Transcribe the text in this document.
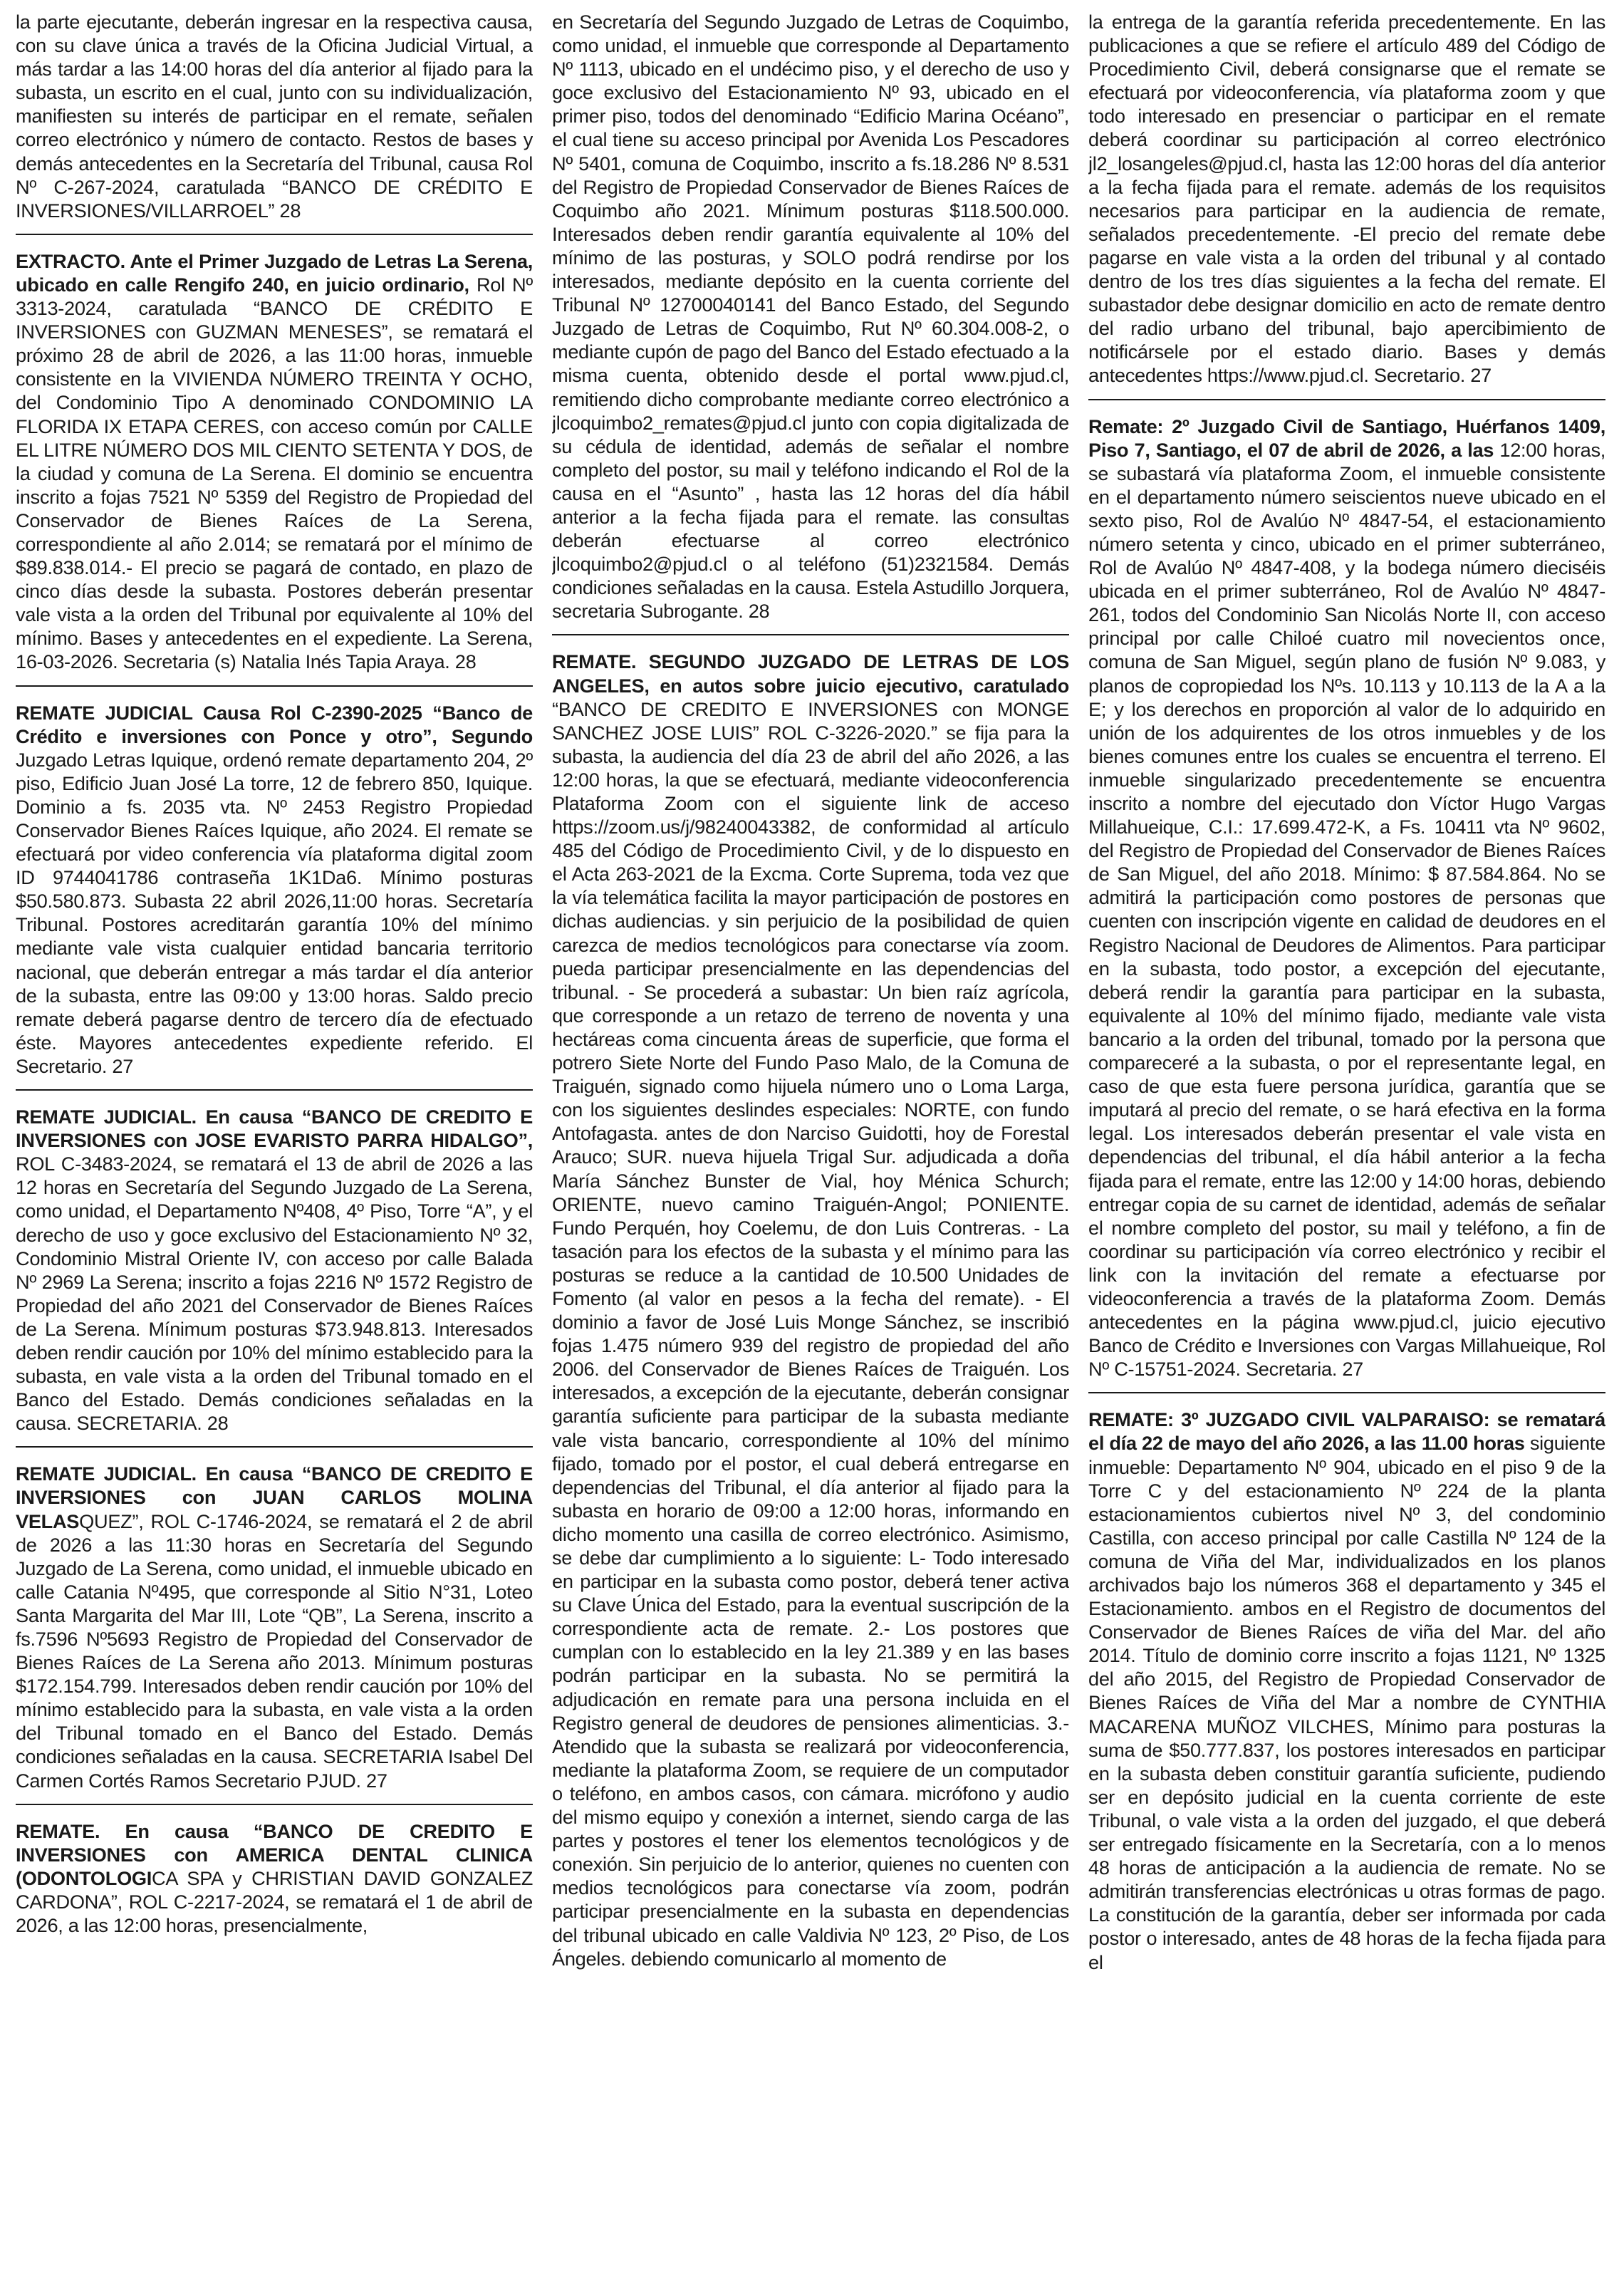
la parte ejecutante, deberán ingresar en la respectiva causa, con su clave única a través de la Oficina Judicial Virtual, a más tardar a las 14:00 horas del día anterior al fijado para la subasta, un escrito en el cual, junto con su individualización, manifiesten su interés de participar en el remate, señalen correo electrónico y número de contacto. Restos de bases y demás antecedentes en la Secretaría del Tribunal, causa Rol Nº C-267-2024, caratulada “BANCO DE CRÉDITO E INVERSIONES/VILLARROEL” 28

EXTRACTO. Ante el Primer Juzgado de Letras La Serena, ubicado en calle Rengifo 240, en juicio ordinario, Rol Nº 3313-2024, caratulada “BANCO DE CRÉDITO E INVERSIONES con GUZMAN MENESES”, se rematará el próximo 28 de abril de 2026, a las 11:00 horas, inmueble consistente en la VIVIENDA NÚMERO TREINTA Y OCHO, del Condominio Tipo A denominado CONDOMINIO LA FLORIDA IX ETAPA CERES, con acceso común por CALLE EL LITRE NÚMERO DOS MIL CIENTO SETENTA Y DOS, de la ciudad y comuna de La Serena. El dominio se encuentra inscrito a fojas 7521 Nº 5359 del Registro de Propiedad del Conservador de Bienes Raíces de La Serena, correspondiente al año 2.014; se rematará por el mínimo de $89.838.014.- El precio se pagará de contado, en plazo de cinco días desde la subasta. Postores deberán presentar vale vista a la orden del Tribunal por equivalente al 10% del mínimo. Bases y antecedentes en el expediente. La Serena, 16-03-2026. Secretaria (s) Natalia Inés Tapia Araya. 28

REMATE JUDICIAL Causa Rol C-2390-2025 “Banco de Crédito e inversiones con Ponce y otro”, Segundo Juzgado Letras Iquique, ordenó remate departamento 204, 2º piso, Edificio Juan José La torre, 12 de febrero 850, Iquique. Dominio a fs. 2035 vta. Nº 2453 Registro Propiedad Conservador Bienes Raíces Iquique, año 2024. El remate se efectuará por video conferencia vía plataforma digital zoom ID 9744041786 contraseña 1K1Da6. Mínimo posturas $50.580.873. Subasta 22 abril 2026,11:00 horas. Secretaría Tribunal. Postores acreditarán garantía 10% del mínimo mediante vale vista cualquier entidad bancaria territorio nacional, que deberán entregar a más tardar el día anterior de la subasta, entre las 09:00 y 13:00 horas. Saldo precio remate deberá pagarse dentro de tercero día de efectuado éste. Mayores antecedentes expediente referido. El Secretario. 27

REMATE JUDICIAL. En causa “BANCO DE CREDITO E INVERSIONES con JOSE EVARISTO PARRA HIDALGO”, ROL C-3483-2024, se rematará el 13 de abril de 2026 a las 12 horas en Secretaría del Segundo Juzgado de La Serena, como unidad, el Departamento Nº408, 4º Piso, Torre “A”, y el derecho de uso y goce exclusivo del Estacionamiento Nº 32, Condominio Mistral Oriente IV, con acceso por calle Balada Nº 2969 La Serena; inscrito a fojas 2216 Nº 1572 Registro de Propiedad del año 2021 del Conservador de Bienes Raíces de La Serena. Mínimum posturas $73.948.813. Interesados deben rendir caución por 10% del mínimo establecido para la subasta, en vale vista a la orden del Tribunal tomado en el Banco del Estado. Demás condiciones señaladas en la causa. SECRETARIA. 28

REMATE JUDICIAL. En causa “BANCO DE CREDITO E INVERSIONES con JUAN CARLOS MOLINA VELASQUEZ”, ROL C-1746-2024, se rematará el 2 de abril de 2026 a las 11:30 horas en Secretaría del Segundo Juzgado de La Serena, como unidad, el inmueble ubicado en calle Catania Nº495, que corresponde al Sitio N°31, Loteo Santa Margarita del Mar III, Lote “QB”, La Serena, inscrito a fs.7596 Nº5693 Registro de Propiedad del Conservador de Bienes Raíces de La Serena año 2013. Mínimum posturas $172.154.799. Interesados deben rendir caución por 10% del mínimo establecido para la subasta, en vale vista a la orden del Tribunal tomado en el Banco del Estado. Demás condiciones señaladas en la causa. SECRETARIA Isabel Del Carmen Cortés Ramos Secretario PJUD. 27

REMATE. En causa “BANCO DE CREDITO E INVERSIONES con AMERICA DENTAL CLINICA (ODONTOLOGICA SPA y CHRISTIAN DAVID GONZALEZ CARDONA”, ROL C-2217-2024, se rematará el 1 de abril de 2026, a las 12:00 horas, presencialmente,

en Secretaría del Segundo Juzgado de Letras de Coquimbo, como unidad, el inmueble que corresponde al Departamento Nº 1113, ubicado en el undécimo piso, y el derecho de uso y goce exclusivo del Estacionamiento Nº 93, ubicado en el primer piso, todos del denominado “Edificio Marina Océano”, el cual tiene su acceso principal por Avenida Los Pescadores Nº 5401, comuna de Coquimbo, inscrito a fs.18.286 Nº 8.531 del Registro de Propiedad Conservador de Bienes Raíces de Coquimbo año 2021. Mínimum posturas $118.500.000. Interesados deben rendir garantía equivalente al 10% del mínimo de las posturas, y SOLO podrá rendirse por los interesados, mediante depósito en la cuenta corriente del Tribunal Nº 12700040141 del Banco Estado, del Segundo Juzgado de Letras de Coquimbo, Rut Nº 60.304.008-2, o mediante cupón de pago del Banco del Estado efectuado a la misma cuenta, obtenido desde el portal www.pjud.cl, remitiendo dicho comprobante mediante correo electrónico a jlcoquimbo2_remates@pjud.cl junto con copia digitalizada de su cédula de identidad, además de señalar el nombre completo del postor, su mail y teléfono indicando el Rol de la causa en el “Asunto” , hasta las 12 horas del día hábil anterior a la fecha fijada para el remate. las consultas deberán efectuarse al correo electrónico jlcoquimbo2@pjud.cl o al teléfono (51)2321584. Demás condiciones señaladas en la causa. Estela Astudillo Jorquera, secretaria Subrogante. 28

REMATE. SEGUNDO JUZGADO DE LETRAS DE LOS ANGELES, en autos sobre juicio ejecutivo, caratulado “BANCO DE CREDITO E INVERSIONES con MONGE SANCHEZ JOSE LUIS” ROL C-3226-2020.” se fija para la subasta, la audiencia del día 23 de abril del año 2026, a las 12:00 horas, la que se efectuará, mediante videoconferencia Plataforma Zoom con el siguiente link de acceso https://zoom.us/j/98240043382, de conformidad al artículo 485 del Código de Procedimiento Civil, y de lo dispuesto en el Acta 263-2021 de la Excma. Corte Suprema, toda vez que la vía telemática facilita la mayor participación de postores en dichas audiencias. y sin perjuicio de la posibilidad de quien carezca de medios tecnológicos para conectarse vía zoom. pueda participar presencialmente en las dependencias del tribunal. - Se procederá a subastar: Un bien raíz agrícola, que corresponde a un retazo de terreno de noventa y una hectáreas coma cincuenta áreas de superficie, que forma el potrero Siete Norte del Fundo Paso Malo, de la Comuna de Traiguén, signado como hijuela número uno o Loma Larga, con los siguientes deslindes especiales: NORTE, con fundo Antofagasta. antes de don Narciso Guidotti, hoy de Forestal Arauco; SUR. nueva hijuela Trigal Sur. adjudicada a doña María Sánchez Bunster de Vial, hoy Ménica Schurch; ORIENTE, nuevo camino Traiguén-Angol; PONIENTE. Fundo Perquén, hoy Coelemu, de don Luis Contreras. - La tasación para los efectos de la subasta y el mínimo para las posturas se reduce a la cantidad de 10.500 Unidades de Fomento (al valor en pesos a la fecha del remate). - El dominio a favor de José Luis Monge Sánchez, se inscribió fojas 1.475 número 939 del registro de propiedad del año 2006. del Conservador de Bienes Raíces de Traiguén. Los interesados, a excepción de la ejecutante, deberán consignar garantía suficiente para participar de la subasta mediante vale vista bancario, correspondiente al 10% del mínimo fijado, tomado por el postor, el cual deberá entregarse en dependencias del Tribunal, el día anterior al fijado para la subasta en horario de 09:00 a 12:00 horas, informando en dicho momento una casilla de correo electrónico. Asimismo, se debe dar cumplimiento a lo siguiente: L- Todo interesado en participar en la subasta como postor, deberá tener activa su Clave Única del Estado, para la eventual suscripción de la correspondiente acta de remate. 2.- Los postores que cumplan con lo establecido en la ley 21.389 y en las bases podrán participar en la subasta. No se permitirá la adjudicación en remate para una persona incluida en el Registro general de deudores de pensiones alimenticias. 3.- Atendido que la subasta se realizará por videoconferencia, mediante la plataforma Zoom, se requiere de un computador o teléfono, en ambos casos, con cámara. micrófono y audio del mismo equipo y conexión a internet, siendo carga de las partes y postores el tener los elementos tecnológicos y de conexión. Sin perjuicio de lo anterior, quienes no cuenten con medios tecnológicos para conectarse vía zoom, podrán participar presencialmente en la subasta en dependencias del tribunal ubicado en calle Valdivia Nº 123, 2º Piso, de Los Ángeles. debiendo comunicarlo al momento de

la entrega de la garantía referida precedentemente. En las publicaciones a que se refiere el artículo 489 del Código de Procedimiento Civil, deberá consignarse que el remate se efectuará por videoconferencia, vía plataforma zoom y que todo interesado en presenciar o participar en el remate deberá coordinar su participación al correo electrónico jl2_losangeles@pjud.cl, hasta las 12:00 horas del día anterior a la fecha fijada para el remate. además de los requisitos necesarios para participar en la audiencia de remate, señalados precedentemente. -El precio del remate debe pagarse en vale vista a la orden del tribunal y al contado dentro de los tres días siguientes a la fecha del remate. El subastador debe designar domicilio en acto de remate dentro del radio urbano del tribunal, bajo apercibimiento de notificársele por el estado diario. Bases y demás antecedentes https://www.pjud.cl. Secretario. 27

Remate: 2º Juzgado Civil de Santiago, Huérfanos 1409, Piso 7, Santiago, el 07 de abril de 2026, a las 12:00 horas, se subastará vía plataforma Zoom, el inmueble consistente en el departamento número seiscientos nueve ubicado en el sexto piso, Rol de Avalúo Nº 4847-54, el estacionamiento número setenta y cinco, ubicado en el primer subterráneo, Rol de Avalúo Nº 4847-408, y la bodega número dieciséis ubicada en el primer subterráneo, Rol de Avalúo Nº 4847-261, todos del Condominio San Nicolás Norte II, con acceso principal por calle Chiloé cuatro mil novecientos once, comuna de San Miguel, según plano de fusión Nº 9.083, y planos de copropiedad los Nºs. 10.113 y 10.113 de la A a la E; y los derechos en proporción al valor de lo adquirido en unión de los adquirentes de los otros inmuebles y de los bienes comunes entre los cuales se encuentra el terreno. El inmueble singularizado precedentemente se encuentra inscrito a nombre del ejecutado don Víctor Hugo Vargas Millahueique, C.I.: 17.699.472-K, a Fs. 10411 vta Nº 9602, del Registro de Propiedad del Conservador de Bienes Raíces de San Miguel, del año 2018. Mínimo: $ 87.584.864. No se admitirá la participación como postores de personas que cuenten con inscripción vigente en calidad de deudores en el Registro Nacional de Deudores de Alimentos. Para participar en la subasta, todo postor, a excepción del ejecutante, deberá rendir la garantía para participar en la subasta, equivalente al 10% del mínimo fijado, mediante vale vista bancario a la orden del tribunal, tomado por la persona que compareceré a la subasta, o por el representante legal, en caso de que esta fuere persona jurídica, garantía que se imputará al precio del remate, o se hará efectiva en la forma legal. Los interesados deberán presentar el vale vista en dependencias del tribunal, el día hábil anterior a la fecha fijada para el remate, entre las 12:00 y 14:00 horas, debiendo entregar copia de su carnet de identidad, además de señalar el nombre completo del postor, su mail y teléfono, a fin de coordinar su participación vía correo electrónico y recibir el link con la invitación del remate a efectuarse por videoconferencia a través de la plataforma Zoom. Demás antecedentes en la página www.pjud.cl, juicio ejecutivo Banco de Crédito e Inversiones con Vargas Millahueique, Rol Nº C-15751-2024. Secretaria. 27

REMATE: 3º JUZGADO CIVIL VALPARAISO: se rematará el día 22 de mayo del año 2026, a las 11.00 horas siguiente inmueble: Departamento Nº 904, ubicado en el piso 9 de la Torre C y del estacionamiento Nº 224 de la planta estacionamientos cubiertos nivel Nº 3, del condominio Castilla, con acceso principal por calle Castilla Nº 124 de la comuna de Viña del Mar, individualizados en los planos archivados bajo los números 368 el departamento y 345 el Estacionamiento. ambos en el Registro de documentos del Conservador de Bienes Raíces de viña del Mar. del año 2014. Título de dominio corre inscrito a fojas 1121, Nº 1325 del año 2015, del Registro de Propiedad Conservador de Bienes Raíces de Viña del Mar a nombre de CYNTHIA MACARENA MUÑOZ VILCHES, Mínimo para posturas la suma de $50.777.837, los postores interesados en participar en la subasta deben constituir garantía suficiente, pudiendo ser en depósito judicial en la cuenta corriente de este Tribunal, o vale vista a la orden del juzgado, el que deberá ser entregado físicamente en la Secretaría, con a lo menos 48 horas de anticipación a la audiencia de remate. No se admitirán transferencias electrónicas u otras formas de pago. La constitución de la garantía, deber ser informada por cada postor o interesado, antes de 48 horas de la fecha fijada para el
